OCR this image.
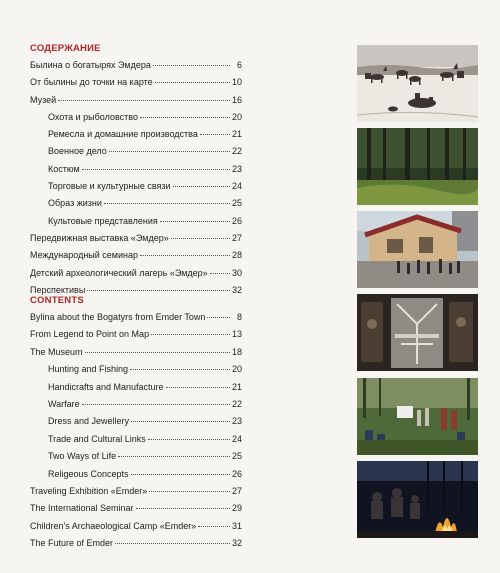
СОДЕРЖАНИЕ
Былина о богатырях Эмдера	6
От былины до точки на карте	10
Музей	16
Охота и рыболовство	20
Ремесла и домашние производства	21
Военное дело	22
Костюм	23
Торговые и культурные связи	24
Образ жизни	25
Культовые представления	26
Передвижная выставка «Эмдер»	27
Международный семинар	28
Детский археологический лагерь «Эмдер»	30
Перспективы	32
CONTENTS
Bylina about the Bogatyrs from Emder Town	8
From Legend to Point on Map	13
The Museum	18
Hunting and Fishing	20
Handicrafts and Manufacture	21
Warfare	22
Dress and Jewellery	23
Trade and Cultural Links	24
Two Ways of Life	25
Religeous Concepts	26
Traveling Exhibition «Emder»	27
The International Seminar	29
Children's Archaeological Camp «Emder»	31
The Future of Emder	32
